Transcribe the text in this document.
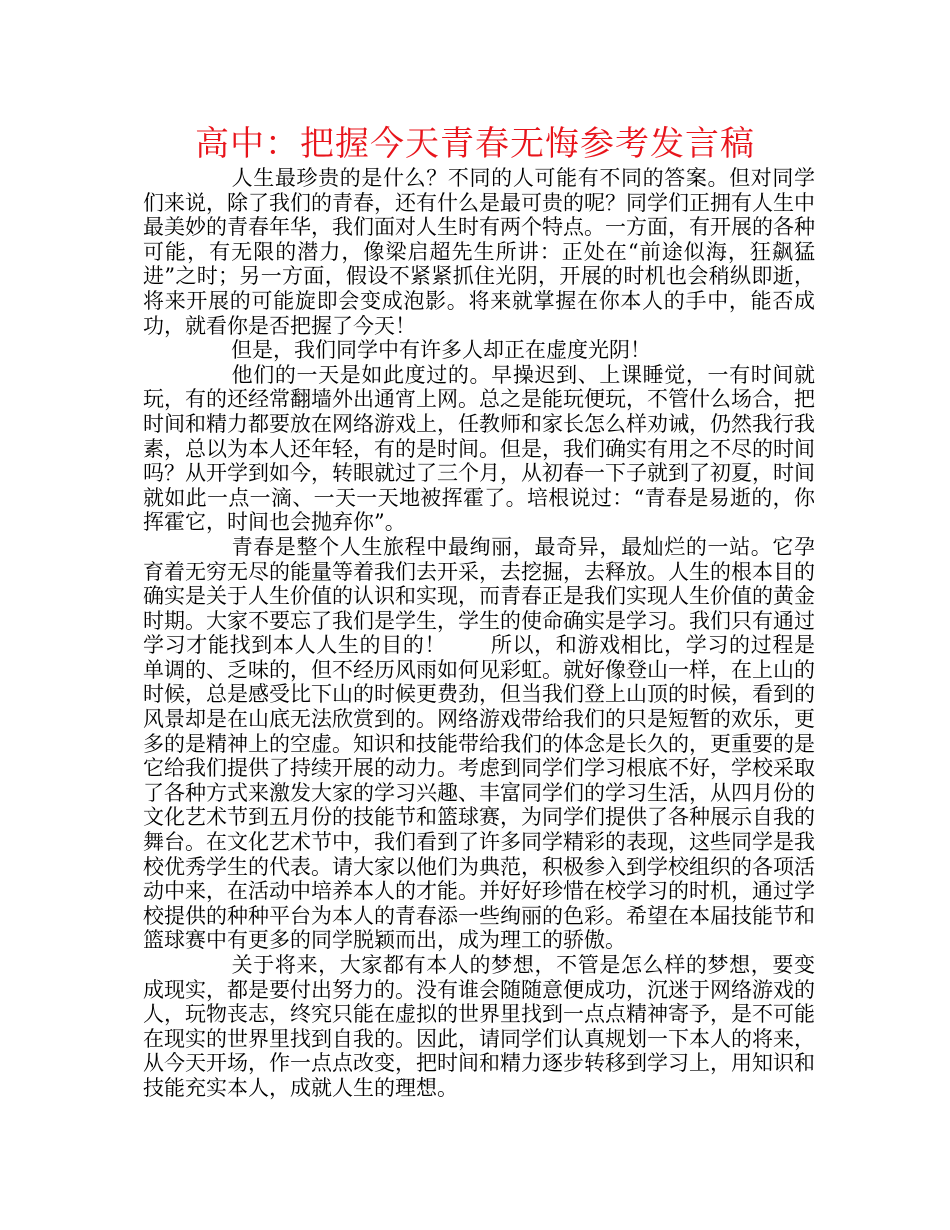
高中：把握今天青春无悔参考发言稿

人生最珍贵的是什么？不同的人可能有不同的答案。但对同学们来说，除了我们的青春，还有什么是最可贵的呢？同学们正拥有人生中最美妙的青春年华，我们面对人生时有两个特点。一方面，有开展的各种可能，有无限的潜力，像梁启超先生所讲：正处在“前途似海，狂飙猛进”之时；另一方面，假设不紧紧抓住光阴，开展的时机也会稍纵即逝，将来开展的可能旋即会变成泡影。将来就掌握在你本人的手中，能否成功，就看你是否把握了今天！

但是，我们同学中有许多人却正在虚度光阴！

他们的一天是如此度过的。早操迟到、上课睡觉，一有时间就玩，有的还经常翻墙外出通宵上网。总之是能玩便玩，不管什么场合，把时间和精力都要放在网络游戏上，任教师和家长怎么样劝诫，仍然我行我素，总以为本人还年轻，有的是时间。但是，我们确实有用之不尽的时间吗？从开学到如今，转眼就过了三个月，从初春一下子就到了初夏，时间就如此一点一滴、一天一天地被挥霍了。培根说过：“青春是易逝的，你挥霍它，时间也会抛弃你”。

青春是整个人生旅程中最绚丽，最奇异，最灿烂的一站。它孕育着无穷无尽的能量等着我们去开采，去挖掘，去释放。人生的根本目的确实是关于人生价值的认识和实现，而青春正是我们实现人生价值的黄金时期。大家不要忘了我们是学生，学生的使命确实是学习。我们只有通过学习才能找到本人人生的目的！ 所以，和游戏相比，学习的过程是单调的、乏味的，但不经历风雨如何见彩虹。就好像登山一样，在上山的时候，总是感受比下山的时候更费劲，但当我们登上山顶的时候，看到的风景却是在山底无法欣赏到的。网络游戏带给我们的只是短暂的欢乐，更多的是精神上的空虚。知识和技能带给我们的体念是长久的，更重要的是它给我们提供了持续开展的动力。考虑到同学们学习根底不好，学校采取了各种方式来激发大家的学习兴趣、丰富同学们的学习生活，从四月份的文化艺术节到五月份的技能节和篮球赛，为同学们提供了各种展示自我的舞台。在文化艺术节中，我们看到了许多同学精彩的表现，这些同学是我校优秀学生的代表。请大家以他们为典范，积极参入到学校组织的各项活动中来，在活动中培养本人的才能。并好好珍惜在校学习的时机，通过学校提供的种种平台为本人的青春添一些绚丽的色彩。希望在本届技能节和篮球赛中有更多的同学脱颖而出，成为理工的骄傲。

关于将来，大家都有本人的梦想，不管是怎么样的梦想，要变成现实，都是要付出努力的。没有谁会随随意便成功，沉迷于网络游戏的人，玩物丧志，终究只能在虚拟的世界里找到一点点精神寄予，是不可能在现实的世界里找到自我的。因此，请同学们认真规划一下本人的将来，从今天开场，作一点点改变，把时间和精力逐步转移到学习上，用知识和技能充实本人，成就人生的理想。
